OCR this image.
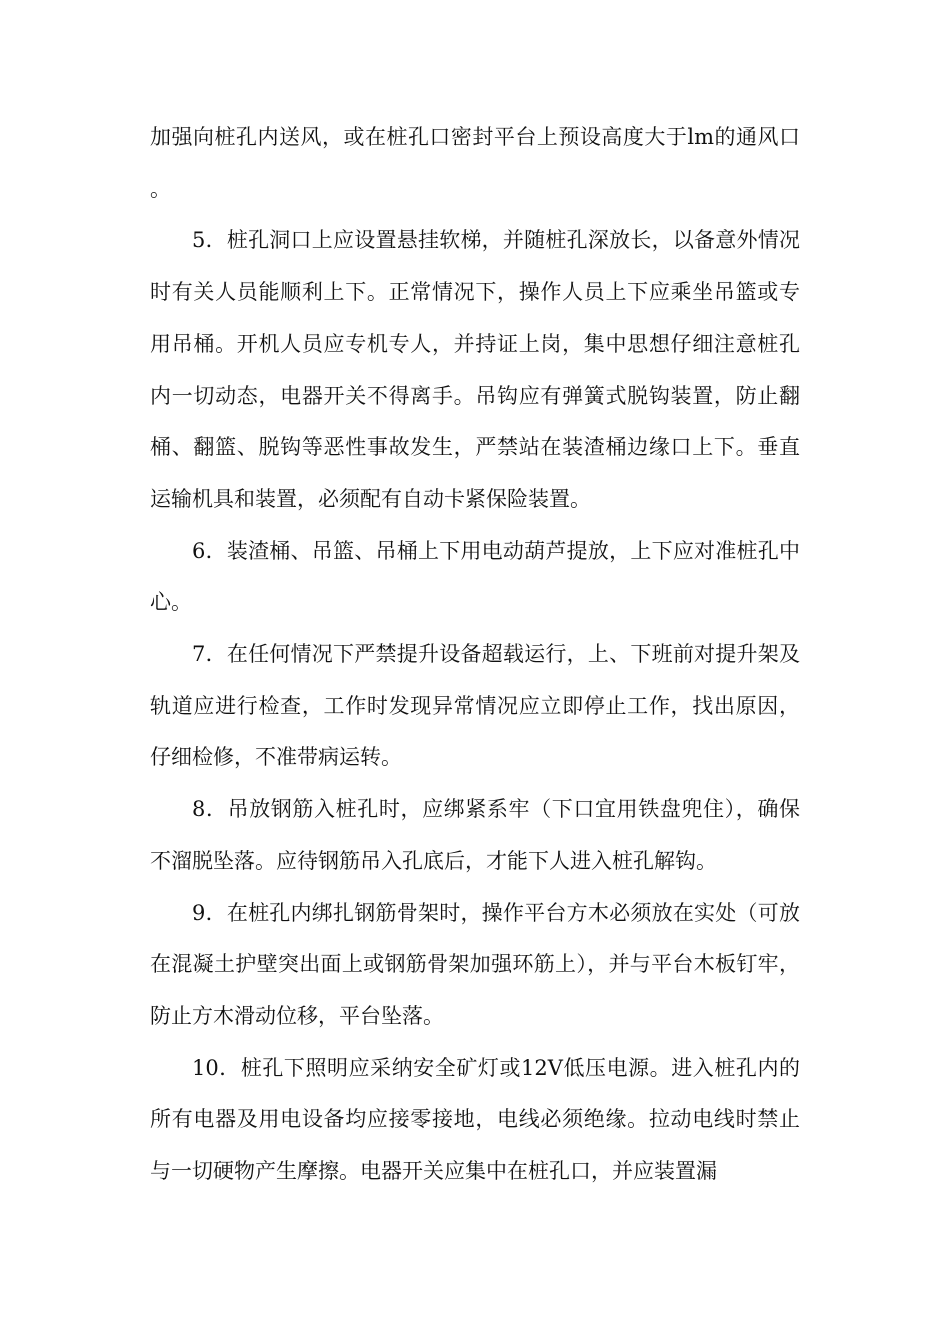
加强向桩孔内送风，或在桩孔口密封平台上预设高度大于lm的通风口。

5．桩孔洞口上应设置悬挂软梯，并随桩孔深放长，以备意外情况时有关人员能顺利上下。正常情况下，操作人员上下应乘坐吊篮或专用吊桶。开机人员应专机专人，并持证上岗，集中思想仔细注意桩孔内一切动态，电器开关不得离手。吊钩应有弹簧式脱钩装置，防止翻桶、翻篮、脱钩等恶性事故发生，严禁站在装渣桶边缘口上下。垂直运输机具和装置，必须配有自动卡紧保险装置。

6．装渣桶、吊篮、吊桶上下用电动葫芦提放，上下应对准桩孔中心。

7．在任何情况下严禁提升设备超载运行，上、下班前对提升架及轨道应进行检查，工作时发现异常情况应立即停止工作，找出原因，仔细检修，不准带病运转。

8．吊放钢筋入桩孔时，应绑紧系牢（下口宜用铁盘兜住），确保不溜脱坠落。应待钢筋吊入孔底后，才能下人进入桩孔解钩。

9．在桩孔内绑扎钢筋骨架时，操作平台方木必须放在实处（可放在混凝土护壁突出面上或钢筋骨架加强环筋上），并与平台木板钉牢，防止方木滑动位移，平台坠落。

10．桩孔下照明应采纳安全矿灯或12V低压电源。进入桩孔内的所有电器及用电设备均应接零接地，电线必须绝缘。拉动电线时禁止与一切硬物产生摩擦。电器开关应集中在桩孔口，并应装置漏
